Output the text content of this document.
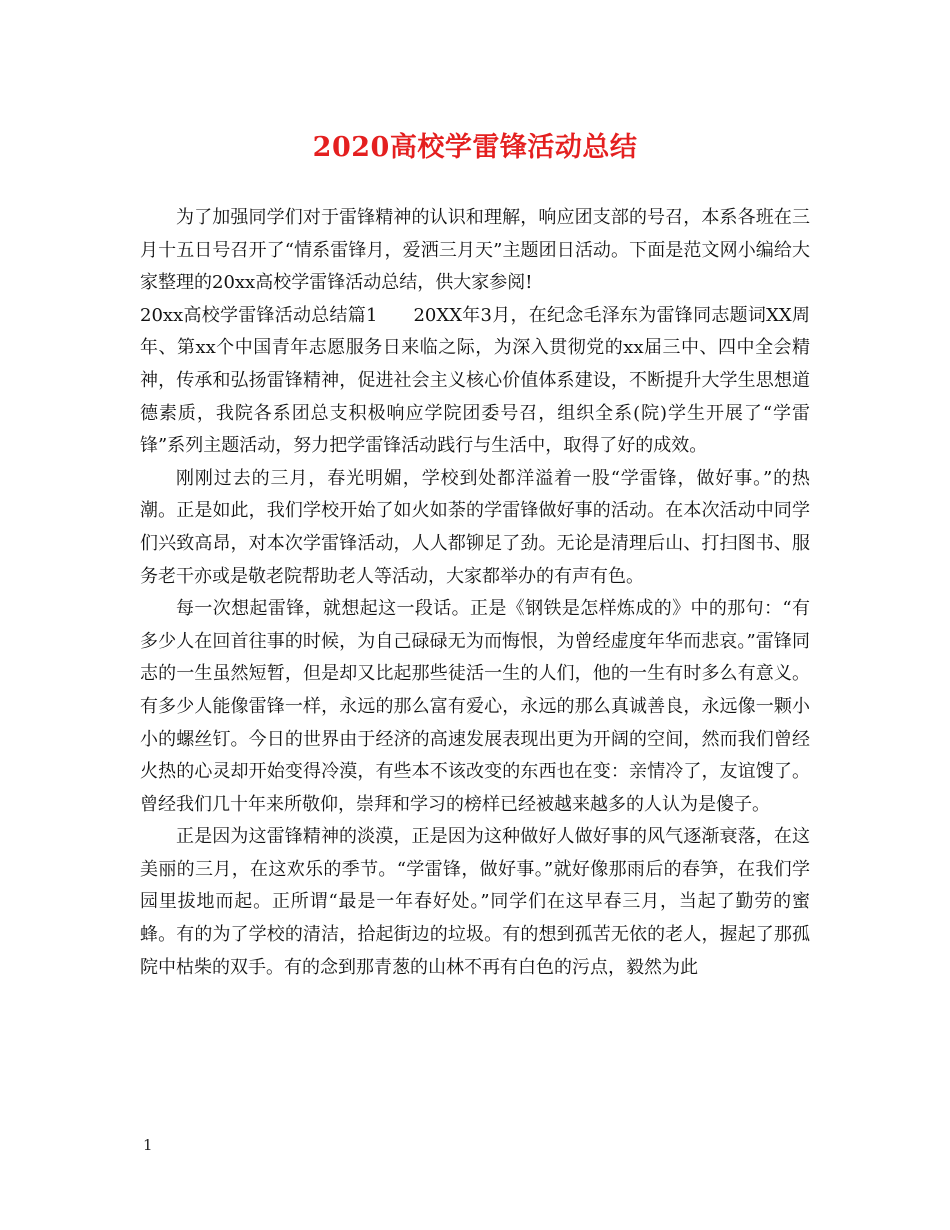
2020高校学雷锋活动总结

为了加强同学们对于雷锋精神的认识和理解，响应团支部的号召，本系各班在三月十五日号召开了“情系雷锋月，爱洒三月天”主题团日活动。下面是范文网小编给大家整理的20xx高校学雷锋活动总结，供大家参阅!

20xx高校学雷锋活动总结篇1 20XX年3月，在纪念毛泽东为雷锋同志题词XX周年、第xx个中国青年志愿服务日来临之际，为深入贯彻党的xx届三中、四中全会精神，传承和弘扬雷锋精神，促进社会主义核心价值体系建设，不断提升大学生思想道德素质，我院各系团总支积极响应学院团委号召，组织全系(院)学生开展了“学雷锋”系列主题活动，努力把学雷锋活动践行与生活中，取得了好的成效。

刚刚过去的三月，春光明媚，学校到处都洋溢着一股“学雷锋，做好事。”的热潮。正是如此，我们学校开始了如火如荼的学雷锋做好事的活动。在本次活动中同学们兴致高昂，对本次学雷锋活动，人人都铆足了劲。无论是清理后山、打扫图书、服务老干亦或是敬老院帮助老人等活动，大家都举办的有声有色。

每一次想起雷锋，就想起这一段话。正是《钢铁是怎样炼成的》中的那句：“有多少人在回首往事的时候，为自己碌碌无为而悔恨，为曾经虚度年华而悲哀。”雷锋同志的一生虽然短暂，但是却又比起那些徒活一生的人们，他的一生有时多么有意义。有多少人能像雷锋一样，永远的那么富有爱心，永远的那么真诚善良，永远像一颗小小的螺丝钉。今日的世界由于经济的高速发展表现出更为开阔的空间，然而我们曾经火热的心灵却开始变得冷漠，有些本不该改变的东西也在变：亲情冷了，友谊馊了。曾经我们几十年来所敬仰，崇拜和学习的榜样已经被越来越多的人认为是傻子。

正是因为这雷锋精神的淡漠，正是因为这种做好人做好事的风气逐渐衰落，在这美丽的三月，在这欢乐的季节。“学雷锋，做好事。”就好像那雨后的春笋，在我们学园里拔地而起。正所谓“最是一年春好处。”同学们在这早春三月，当起了勤劳的蜜蜂。有的为了学校的清洁，拾起街边的垃圾。有的想到孤苦无依的老人，握起了那孤院中枯柴的双手。有的念到那青葱的山林不再有白色的污点，毅然为此

1
